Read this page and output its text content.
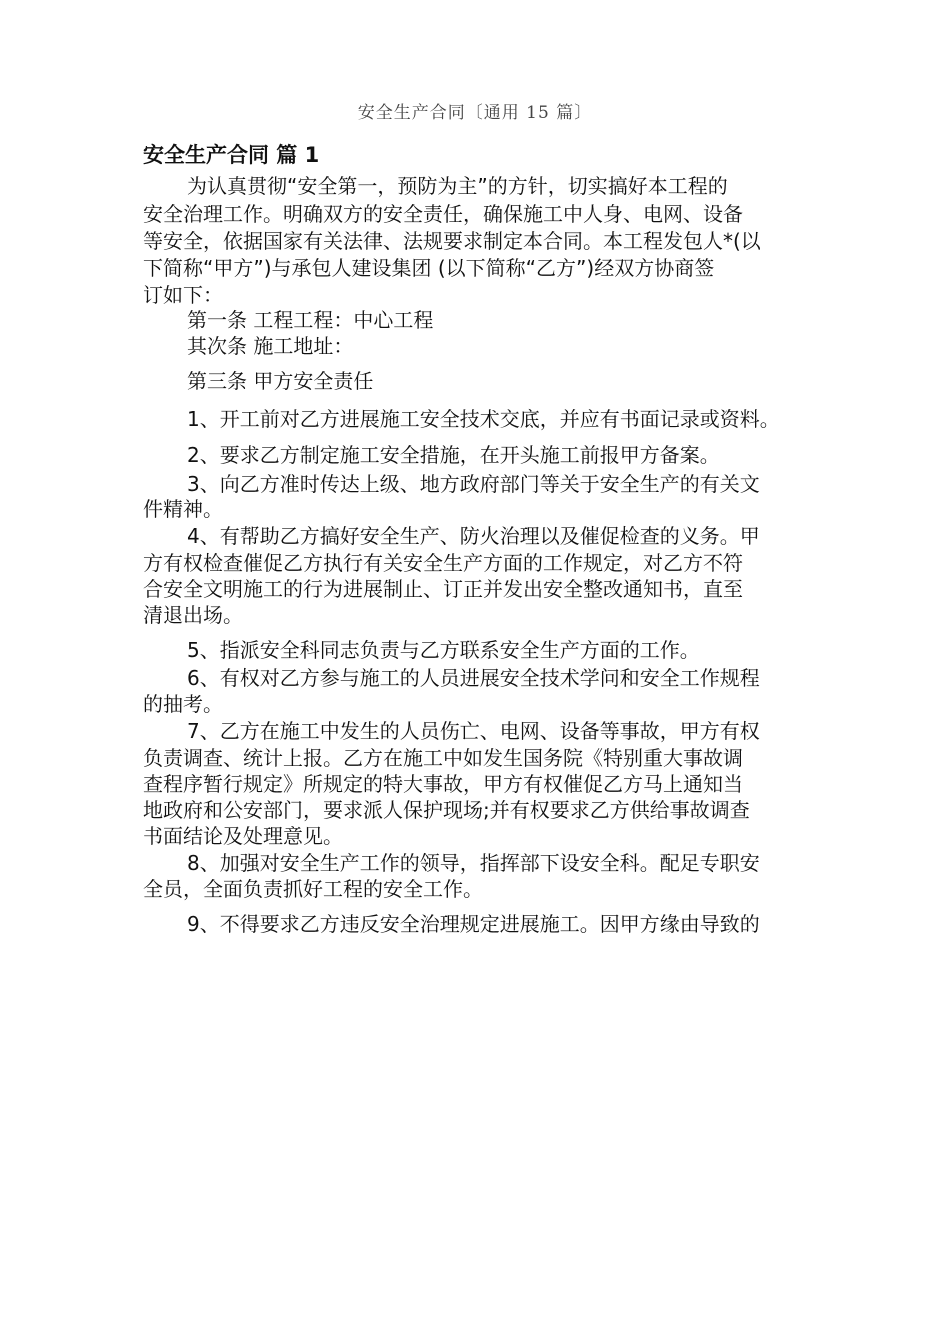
安全生产合同〔通用 15 篇〕
安全生产合同 篇 1
为认真贯彻“安全第一，预防为主”的方针，切实搞好本工程的
安全治理工作。明确双方的安全责任，确保施工中人身、电网、设备
等安全，依据国家有关法律、法规要求制定本合同。本工程发包人*(以
下简称“甲方”)与承包人建设集团 (以下简称“乙方”)经双方协商签
订如下：
第一条 工程工程：中心工程
其次条 施工地址：
第三条 甲方安全责任
1、开工前对乙方进展施工安全技术交底，并应有书面记录或资料。
2、要求乙方制定施工安全措施，在开头施工前报甲方备案。
3、向乙方准时传达上级、地方政府部门等关于安全生产的有关文
件精神。
4、有帮助乙方搞好安全生产、防火治理以及催促检查的义务。甲
方有权检查催促乙方执行有关安全生产方面的工作规定，对乙方不符
合安全文明施工的行为进展制止、订正并发出安全整改通知书，直至
清退出场。
5、指派安全科同志负责与乙方联系安全生产方面的工作。
6、有权对乙方参与施工的人员进展安全技术学问和安全工作规程
的抽考。
7、乙方在施工中发生的人员伤亡、电网、设备等事故，甲方有权
负责调查、统计上报。乙方在施工中如发生国务院《特别重大事故调
查程序暂行规定》所规定的特大事故，甲方有权催促乙方马上通知当
地政府和公安部门，要求派人保护现场;并有权要求乙方供给事故调查
书面结论及处理意见。
8、加强对安全生产工作的领导，指挥部下设安全科。配足专职安
全员，全面负责抓好工程的安全工作。
9、不得要求乙方违反安全治理规定进展施工。因甲方缘由导致的
